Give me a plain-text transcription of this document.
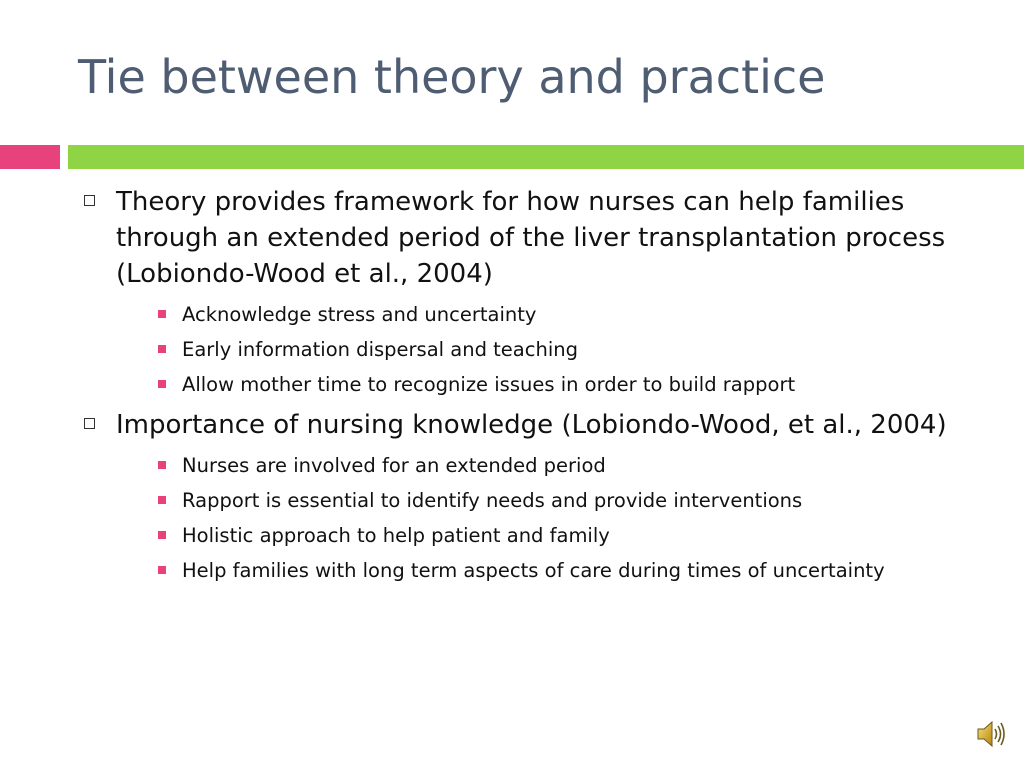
Tie between theory and practice
Theory provides framework for how nurses can help families through an extended period of the liver transplantation process (Lobiondo-Wood et al., 2004)
Acknowledge stress and uncertainty
Early information dispersal and teaching
Allow mother time to recognize issues in order to build rapport
Importance of nursing knowledge (Lobiondo-Wood, et al., 2004)
Nurses are involved for an extended period
Rapport is essential to identify needs and provide interventions
Holistic approach to help patient and family
Help families with long term aspects of care during times of uncertainty
